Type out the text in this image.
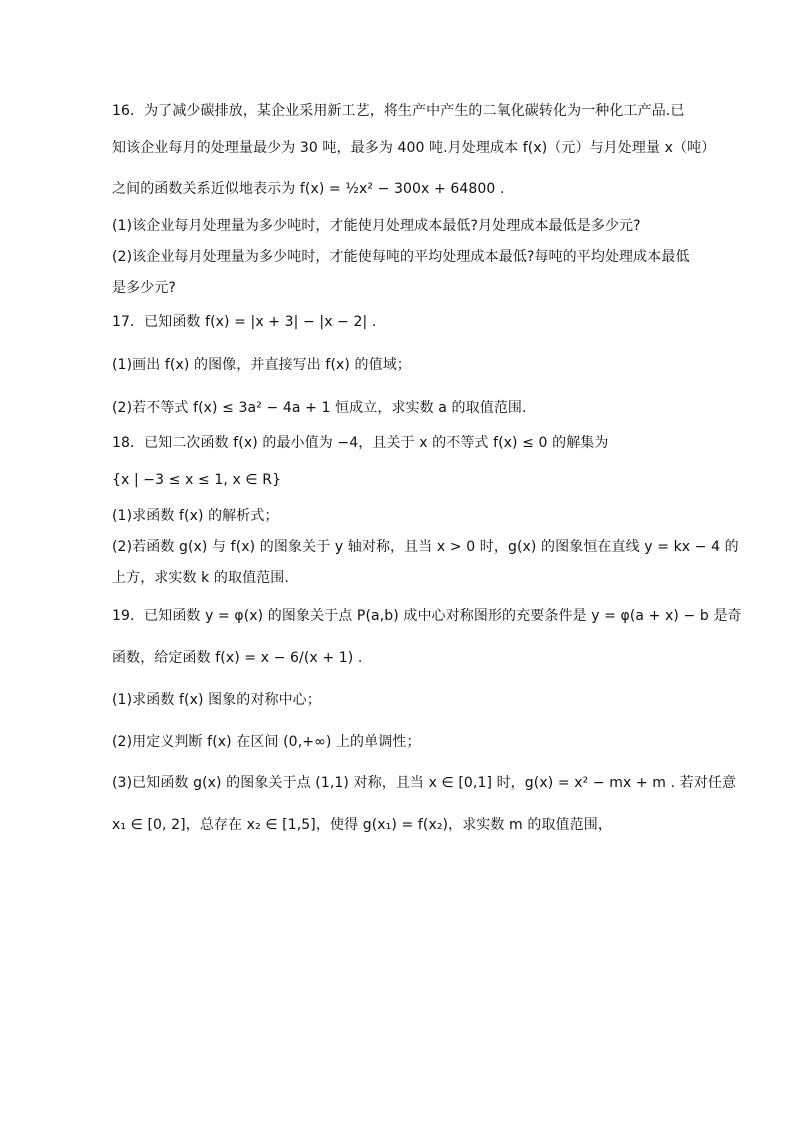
16．为了减少碳排放，某企业采用新工艺，将生产中产生的二氧化碳转化为一种化工产品.已
知该企业每月的处理量最少为 30 吨，最多为 400 吨.月处理成本 f(x)（元）与月处理量 x（吨）
之间的函数关系近似地表示为 f(x) = ½x² − 300x + 64800 .
(1)该企业每月处理量为多少吨时，才能使月处理成本最低?月处理成本最低是多少元?
(2)该企业每月处理量为多少吨时，才能使每吨的平均处理成本最低?每吨的平均处理成本最低
是多少元?
17．已知函数 f(x) = |x + 3| − |x − 2| .
(1)画出 f(x) 的图像，并直接写出 f(x) 的值域；
(2)若不等式 f(x) ≤ 3a² − 4a + 1 恒成立，求实数 a 的取值范围.
18．已知二次函数 f(x) 的最小值为 −4，且关于 x 的不等式 f(x) ≤ 0 的解集为
{x | −3 ≤ x ≤ 1, x ∈ R}
(1)求函数 f(x) 的解析式；
(2)若函数 g(x) 与 f(x) 的图象关于 y 轴对称，且当 x > 0 时，g(x) 的图象恒在直线 y = kx − 4 的
上方，求实数 k 的取值范围.
19．已知函数 y = φ(x) 的图象关于点 P(a,b) 成中心对称图形的充要条件是 y = φ(a + x) − b 是奇
函数，给定函数 f(x) = x − 6/(x + 1) .
(1)求函数 f(x) 图象的对称中心；
(2)用定义判断 f(x) 在区间 (0,+∞) 上的单调性；
(3)已知函数 g(x) 的图象关于点 (1,1) 对称，且当 x ∈ [0,1] 时，g(x) = x² − mx + m . 若对任意
x₁ ∈ [0, 2]，总存在 x₂ ∈ [1,5]，使得 g(x₁) = f(x₂)，求实数 m 的取值范围，
